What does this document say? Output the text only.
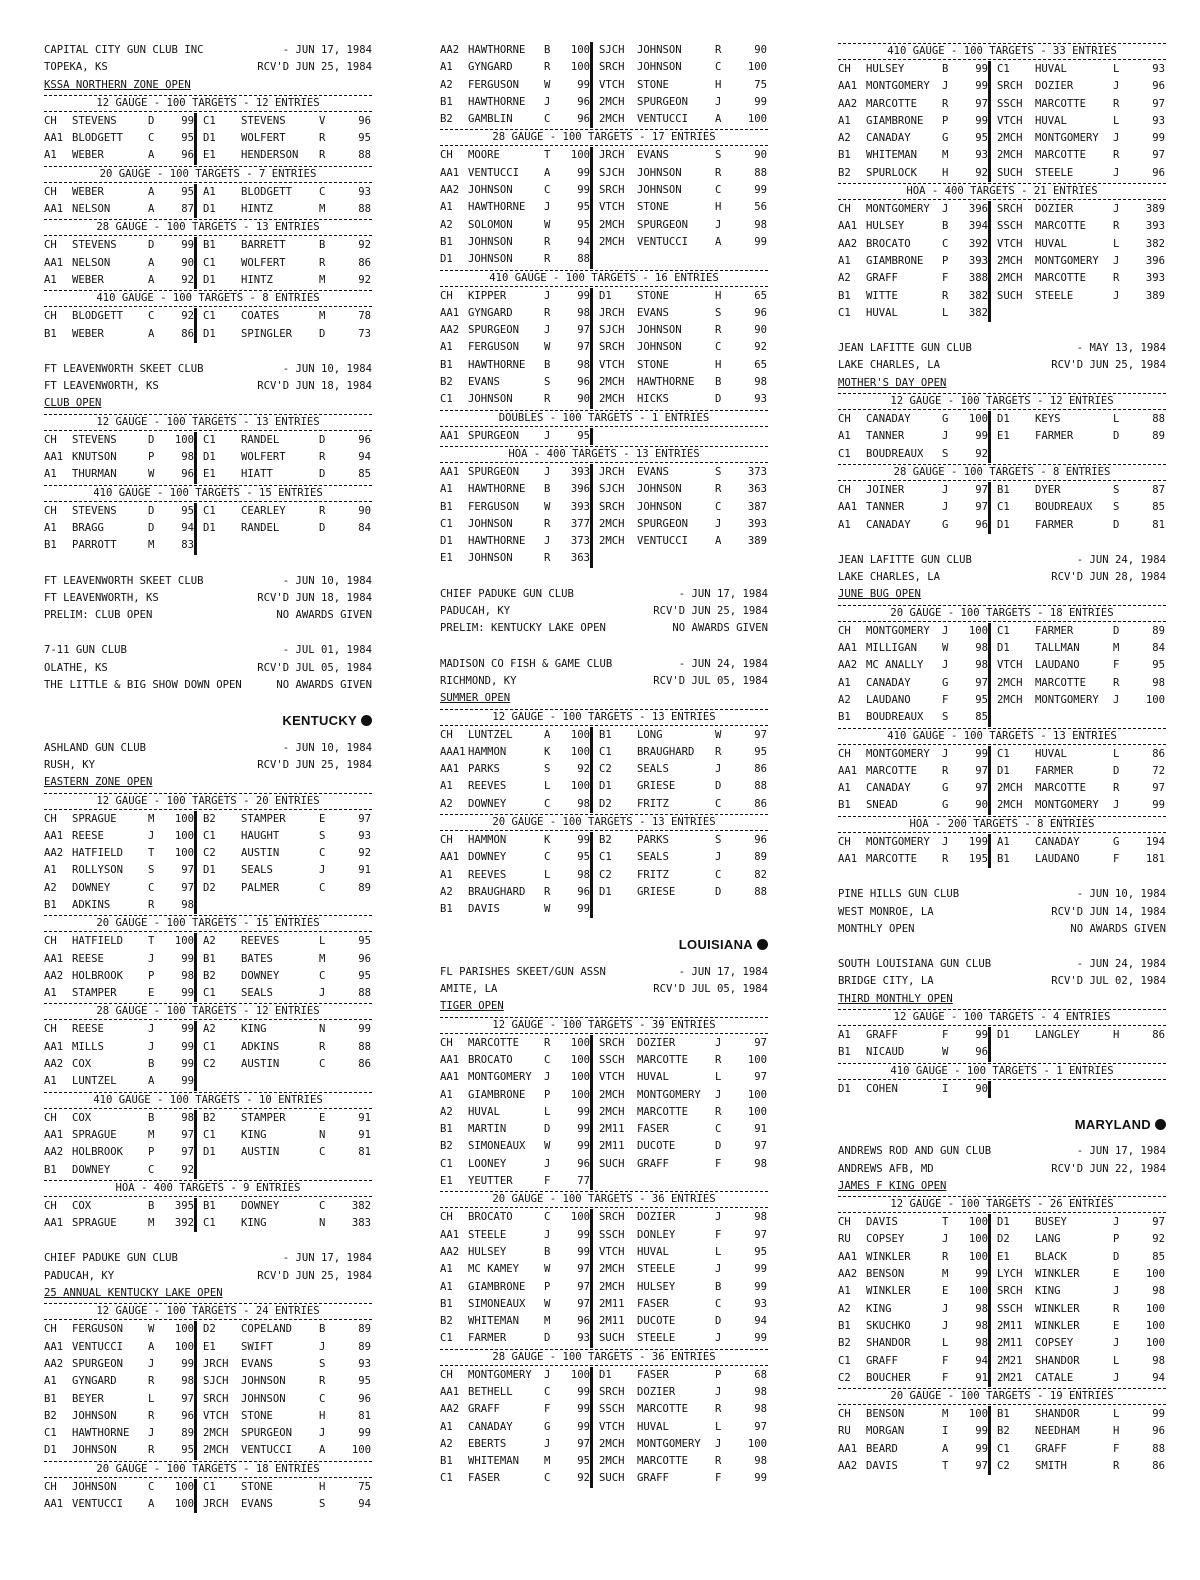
CAPITAL CITY GUN CLUB INC	- JUN 17, 1984
TOPEKA, KS	RCV'D JUN 25, 1984
KSSA NORTHERN ZONE OPEN
12 GAUGE - 100 TARGETS - 12 ENTRIES
CH	STEVENS	D	99 C1	STEVENS	V	96
AA1 BLODGETT	C	95 D1	WOLFERT	R	95
A1	WEBER	A	96 E1	HENDERSON	R	88
20 GAUGE - 100 TARGETS - 7 ENTRIES
CH	WEBER	A	95 A1	BLODGETT	C	93
AA1 NELSON	A	87 D1	HINTZ	M	88
28 GAUGE - 100 TARGETS - 13 ENTRIES
CH	STEVENS	D	99 B1	BARRETT	B	92
AA1 NELSON	A	90 C1	WOLFERT	R	86
A1	WEBER	A	92 D1	HINTZ	M	92
410 GAUGE - 100 TARGETS - 8 ENTRIES
CH	BLODGETT	C	92 C1	COATES	M	78
B1	WEBER	A	86 D1	SPINGLER	D	73
FT LEAVENWORTH SKEET CLUB	- JUN 10, 1984
FT LEAVENWORTH, KS	RCV'D JUN 18, 1984
CLUB OPEN
12 GAUGE - 100 TARGETS - 13 ENTRIES
CH	STEVENS	D	100 C1	RANDEL	D	96
AA1 KNUTSON	P	98 D1	WOLFERT	R	94
A1	THURMAN	W	96 E1	HIATT	D	85
410 GAUGE - 100 TARGETS - 15 ENTRIES
CH	STEVENS	D	95 C1	CEARLEY	R	90
A1	BRAGG	D	94 D1	RANDEL	D	84
B1	PARROTT	M	83
FT LEAVENWORTH SKEET CLUB	- JUN 10, 1984
FT LEAVENWORTH, KS	RCV'D JUN 18, 1984
PRELIM: CLUB OPEN	NO AWARDS GIVEN
7-11 GUN CLUB	- JUL 01, 1984
OLATHE, KS	RCV'D JUL 05, 1984
THE LITTLE & BIG SHOW DOWN OPEN	NO AWARDS GIVEN
KENTUCKY
ASHLAND GUN CLUB	- JUN 10, 1984
RUSH, KY	RCV'D JUN 25, 1984
EASTERN ZONE OPEN
12 GAUGE - 100 TARGETS - 20 ENTRIES
CH	SPRAGUE	M	100 B2	STAMPER	E	97
AA1 REESE	J	100 C1	HAUGHT	S	93
AA2 HATFIELD	T	100 C2	AUSTIN	C	92
A1	ROLLYSON	S	97 D1	SEALS	J	91
A2	DOWNEY	C	97 D2	PALMER	C	89
B1	ADKINS	R	98
20 GAUGE - 100 TARGETS - 15 ENTRIES
CH	HATFIELD	T	100 A2	REEVES	L	95
AA1 REESE	J	99 B1	BATES	M	96
AA2 HOLBROOK	P	98 B2	DOWNEY	C	95
A1	STAMPER	E	99 C1	SEALS	J	88
28 GAUGE - 100 TARGETS - 12 ENTRIES
CH	REESE	J	99 A2	KING	N	99
AA1 MILLS	J	99 C1	ADKINS	R	88
AA2 COX	B	99 C2	AUSTIN	C	86
A1	LUNTZEL	A	99
410 GAUGE - 100 TARGETS - 10 ENTRIES
CH	COX	B	98 B2	STAMPER	E	91
AA1 SPRAGUE	M	97 C1	KING	N	91
AA2 HOLBROOK	P	97 D1	AUSTIN	C	81
B1	DOWNEY	C	92
HOA - 400 TARGETS - 9 ENTRIES
CH	COX	B	395 B1	DOWNEY	C	382
AA1 SPRAGUE	M	392 C1	KING	N	383
CHIEF PADUKE GUN CLUB	- JUN 17, 1984
PADUCAH, KY	RCV'D JUN 25, 1984
25 ANNUAL KENTUCKY LAKE OPEN
12 GAUGE - 100 TARGETS - 24 ENTRIES
CH	FERGUSON	W	100 D2	COPELAND	B	89
AA1 VENTUCCI	A	100 E1	SWIFT	J	89
AA2 SPURGEON	J	99 JRCH	EVANS	S	93
A1	GYNGARD	R	98 SJCH	JOHNSON	R	95
B1	BEYER	L	97 SRCH	JOHNSON	C	96
B2	JOHNSON	R	96 VTCH	STONE	H	81
C1	HAWTHORNE	J	89 2MCH	SPURGEON	J	99
D1	JOHNSON	R	95 2MCH	VENTUCCI	A	100
20 GAUGE - 100 TARGETS - 18 ENTRIES
CH	JOHNSON	C	100 C1	STONE	H	75
AA1 VENTUCCI	A	100 JRCH	EVANS	S	94
AA2 HAWTHORNE	B	100 SJCH	JOHNSON	R	90
A1	GYNGARD	R	100 SRCH	JOHNSON	C	100
A2	FERGUSON	W	99 VTCH	STONE	H	75
B1	HAWTHORNE	J	96 2MCH	SPURGEON	J	99
B2	GAMBLIN	C	96 2MCH	VENTUCCI	A	100
28 GAUGE - 100 TARGETS - 17 ENTRIES
CH	MOORE	T	100 JRCH	EVANS	S	90
AA1 VENTUCCI	A	99 SJCH	JOHNSON	R	88
AA2 JOHNSON	C	99 SRCH	JOHNSON	C	99
A1	HAWTHORNE	J	95 VTCH	STONE	H	56
A2	SOLOMON	W	95 2MCH	SPURGEON	J	98
B1	JOHNSON	R	94 2MCH	VENTUCCI	A	99
D1	JOHNSON	R	88
410 GAUGE - 100 TARGETS - 16 ENTRIES
CH	KIPPER	J	99 D1	STONE	H	65
AA1 GYNGARD	R	98 JRCH	EVANS	S	96
AA2 SPURGEON	J	97 SJCH	JOHNSON	R	90
A1	FERGUSON	W	97 SRCH	JOHNSON	C	92
B1	HAWTHORNE	B	98 VTCH	STONE	H	65
B2	EVANS	S	96 2MCH	HAWTHORNE	B	98
C1	JOHNSON	R	90 2MCH	HICKS	D	93
DOUBLES - 100 TARGETS - 1 ENTRIES
AA1 SPURGEON	J	95
HOA - 400 TARGETS - 13 ENTRIES
AA1 SPURGEON	J	393 JRCH	EVANS	S	373
A1	HAWTHORNE	B	396 SJCH	JOHNSON	R	363
B1	FERGUSON	W	393 SRCH	JOHNSON	C	387
C1	JOHNSON	R	377 2MCH	SPURGEON	J	393
D1	HAWTHORNE	J	373 2MCH	VENTUCCI	A	389
E1	JOHNSON	R	363
CHIEF PADUKE GUN CLUB	- JUN 17, 1984
PADUCAH, KY	RCV'D JUN 25, 1984
PRELIM: KENTUCKY LAKE OPEN	NO AWARDS GIVEN
MADISON CO FISH & GAME CLUB	- JUN 24, 1984
RICHMOND, KY	RCV'D JUL 05, 1984
SUMMER OPEN
12 GAUGE - 100 TARGETS - 13 ENTRIES
CH	LUNTZEL	A	100 B1	LONG	W	97
AAA1 HAMMON	K	100 C1	BRAUGHARD	R	95
AA1 PARKS	S	92 C2	SEALS	J	86
A1	REEVES	L	100 D1	GRIESE	D	88
A2	DOWNEY	C	98 D2	FRITZ	C	86
20 GAUGE - 100 TARGETS - 13 ENTRIES
CH	HAMMON	K	99 B2	PARKS	S	96
AA1 DOWNEY	C	95 C1	SEALS	J	89
A1	REEVES	L	98 C2	FRITZ	C	82
A2	BRAUGHARD	R	96 D1	GRIESE	D	88
B1	DAVIS	W	99
LOUISIANA
FL PARISHES SKEET/GUN ASSN	- JUN 17, 1984
AMITE, LA	RCV'D JUL 05, 1984
TIGER OPEN
12 GAUGE - 100 TARGETS - 39 ENTRIES
CH	MARCOTTE	R	100 SRCH	DOZIER	J	97
AA1 BROCATO	C	100 SSCH	MARCOTTE	R	100
AA1 MONTGOMERY	J	100 VTCH	HUVAL	L	97
A1	GIAMBRONE	P	100 2MCH	MONTGOMERY	J	100
A2	HUVAL	L	99 2MCH	MARCOTTE	R	100
B1	MARTIN	D	99 2M11	FASER	C	91
B2	SIMONEAUX	W	99 2M11	DUCOTE	D	97
C1	LOONEY	J	96 SUCH	GRAFF	F	98
E1	YEUTTER	F	77
20 GAUGE - 100 TARGETS - 36 ENTRIES
CH	BROCATO	C	100 SRCH	DOZIER	J	98
AA1 STEELE	J	99 SSCH	DONLEY	F	97
AA2 HULSEY	B	99 VTCH	HUVAL	L	95
A1	MC KAMEY	W	97 2MCH	STEELE	J	99
A1	GIAMBRONE	P	97 2MCH	HULSEY	B	99
B1	SIMONEAUX	W	97 2M11	FASER	C	93
B2	WHITEMAN	M	96 2M11	DUCOTE	D	94
C1	FARMER	D	93 SUCH	STEELE	J	99
28 GAUGE - 100 TARGETS - 36 ENTRIES
CH	MONTGOMERY	J	100 D1	FASER	P	68
AA1 BETHELL	C	99 SRCH	DOZIER	J	98
AA2 GRAFF	F	99 SSCH	MARCOTTE	R	98
A1	CANADAY	G	99 VTCH	HUVAL	L	97
A2	EBERTS	J	97 2MCH	MONTGOMERY	J	100
B1	WHITEMAN	M	95 2MCH	MARCOTTE	R	98
C1	FASER	C	92 SUCH	GRAFF	F	99
410 GAUGE - 100 TARGETS - 33 ENTRIES
CH	HULSEY	B	99 C1	HUVAL	L	93
AA1 MONTGOMERY	J	99 SRCH	DOZIER	J	96
AA2 MARCOTTE	R	97 SSCH	MARCOTTE	R	97
A1	GIAMBRONE	P	99 VTCH	HUVAL	L	93
A2	CANADAY	G	95 2MCH	MONTGOMERY	J	99
B1	WHITEMAN	M	93 2MCH	MARCOTTE	R	97
B2	SPURLOCK	H	92 SUCH	STEELE	J	96
HOA - 400 TARGETS - 21 ENTRIES
CH	MONTGOMERY	J	396 SRCH	DOZIER	J	389
AA1 HULSEY	B	394 SSCH	MARCOTTE	R	393
AA2 BROCATO	C	392 VTCH	HUVAL	L	382
A1	GIAMBRONE	P	393 2MCH	MONTGOMERY	J	396
A2	GRAFF	F	388 2MCH	MARCOTTE	R	393
B1	WITTE	R	382 SUCH	STEELE	J	389
C1	HUVAL	L	382
JEAN LAFITTE GUN CLUB	- MAY 13, 1984
LAKE CHARLES, LA	RCV'D JUN 25, 1984
MOTHER'S DAY OPEN
12 GAUGE - 100 TARGETS - 12 ENTRIES
CH	CANADAY	G	100 D1	KEYS	L	88
A1	TANNER	J	99 E1	FARMER	D	89
C1	BOUDREAUX	S	92
28 GAUGE - 100 TARGETS - 8 ENTRIES
CH	JOINER	J	97 B1	DYER	S	87
AA1 TANNER	J	97 C1	BOUDREAUX	S	85
A1	CANADAY	G	96 D1	FARMER	D	81
JEAN LAFITTE GUN CLUB	- JUN 24, 1984
LAKE CHARLES, LA	RCV'D JUN 28, 1984
JUNE BUG OPEN
20 GAUGE - 100 TARGETS - 18 ENTRIES
CH	MONTGOMERY	J	100 C1	FARMER	D	89
AA1 MILLIGAN	W	98 D1	TALLMAN	M	84
AA2 MC ANALLY	J	98 VTCH	LAUDANO	F	95
A1	CANADAY	G	97 2MCH	MARCOTTE	R	98
A2	LAUDANO	F	95 2MCH	MONTGOMERY	J	100
B1	BOUDREAUX	S	85
410 GAUGE - 100 TARGETS - 13 ENTRIES
CH	MONTGOMERY	J	99 C1	HUVAL	L	86
AA1 MARCOTTE	R	97 D1	FARMER	D	72
A1	CANADAY	G	97 2MCH	MARCOTTE	R	97
B1	SNEAD	G	90 2MCH	MONTGOMERY	J	99
HOA - 200 TARGETS - 8 ENTRIES
CH	MONTGOMERY	J	199 A1	CANADAY	G	194
AA1 MARCOTTE	R	195 B1	LAUDANO	F	181
PINE HILLS GUN CLUB	- JUN 10, 1984
WEST MONROE, LA	RCV'D JUN 14, 1984
MONTHLY OPEN	NO AWARDS GIVEN
SOUTH LOUISIANA GUN CLUB	- JUN 24, 1984
BRIDGE CITY, LA	RCV'D JUL 02, 1984
THIRD MONTHLY OPEN
12 GAUGE - 100 TARGETS - 4 ENTRIES
A1	GRAFF	F	99 D1	LANGLEY	H	86
B1	NICAUD	W	96
410 GAUGE - 100 TARGETS - 1 ENTRIES
D1	COHEN	I	90
MARYLAND
ANDREWS ROD AND GUN CLUB	- JUN 17, 1984
ANDREWS AFB, MD	RCV'D JUN 22, 1984
JAMES F KING OPEN
12 GAUGE - 100 TARGETS - 26 ENTRIES
CH	DAVIS	T	100 D1	BUSEY	J	97
RU	COPSEY	J	100 D2	LANG	P	92
AA1 WINKLER	R	100 E1	BLACK	D	85
AA2 BENSON	M	99 LYCH	WINKLER	E	100
A1	WINKLER	E	100 SRCH	KING	J	98
A2	KING	J	98 SSCH	WINKLER	R	100
B1	SKUCHKO	J	98 2M11	WINKLER	E	100
B2	SHANDOR	L	98 2M11	COPSEY	J	100
C1	GRAFF	F	94 2M21	SHANDOR	L	98
C2	BOUCHER	F	91 2M21	CATALE	J	94
20 GAUGE - 100 TARGETS - 19 ENTRIES
CH	BENSON	M	100 B1	SHANDOR	L	99
RU	MORGAN	I	99 B2	NEEDHAM	H	96
AA1 BEARD	A	99 C1	GRAFF	F	88
AA2 DAVIS	T	97 C2	SMITH	R	86
